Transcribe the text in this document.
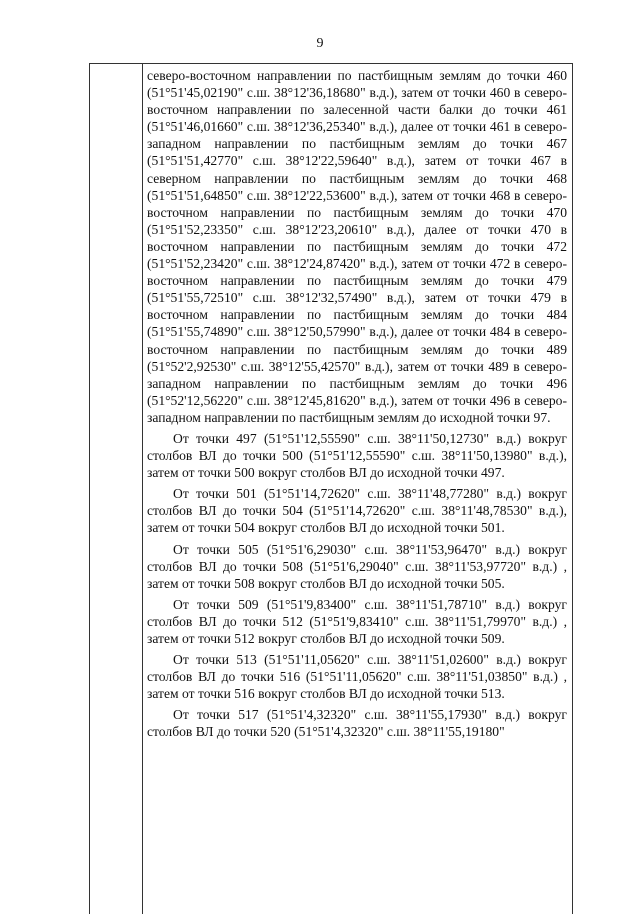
9

северо-восточном направлении по пастбищным землям до точки 460 (51°51'45,02190" с.ш. 38°12'36,18680" в.д.), затем от точки 460 в северо-восточном направлении по залесенной части балки до точки 461 (51°51'46,01660" с.ш. 38°12'36,25340" в.д.), далее от точки 461 в северо-западном направлении по пастбищным землям до точки 467 (51°51'51,42770" с.ш. 38°12'22,59640" в.д.), затем от точки 467 в северном направлении по пастбищным землям до точки 468 (51°51'51,64850" с.ш. 38°12'22,53600" в.д.), затем от точки 468 в северо-восточном направлении по пастбищным землям до точки 470 (51°51'52,23350" с.ш. 38°12'23,20610" в.д.), далее от точки 470 в восточном направлении по пастбищным землям до точки 472 (51°51'52,23420" с.ш. 38°12'24,87420" в.д.), затем от точки 472 в северо-восточном направлении по пастбищным землям до точки 479 (51°51'55,72510" с.ш. 38°12'32,57490" в.д.), затем от точки 479 в восточном направлении по пастбищным землям до точки 484 (51°51'55,74890" с.ш. 38°12'50,57990" в.д.), далее от точки 484 в северо-восточном направлении по пастбищным землям до точки 489 (51°52'2,92530" с.ш. 38°12'55,42570" в.д.), затем от точки 489 в северо-западном направлении по пастбищным землям до точки 496 (51°52'12,56220" с.ш. 38°12'45,81620" в.д.), затем от точки 496 в северо-западном направлении по пастбищным землям до исходной точки 97.

От точки 497 (51°51'12,55590" с.ш. 38°11'50,12730" в.д.) вокруг столбов ВЛ до точки 500 (51°51'12,55590" с.ш. 38°11'50,13980" в.д.), затем от точки 500 вокруг столбов ВЛ до исходной точки 497.

От точки 501 (51°51'14,72620" с.ш. 38°11'48,77280" в.д.) вокруг столбов ВЛ до точки 504 (51°51'14,72620" с.ш. 38°11'48,78530" в.д.), затем от точки 504 вокруг столбов ВЛ до исходной точки 501.

От точки 505 (51°51'6,29030" с.ш. 38°11'53,96470" в.д.) вокруг столбов ВЛ до точки 508 (51°51'6,29040" с.ш. 38°11'53,97720" в.д.) , затем от точки 508 вокруг столбов ВЛ до исходной точки 505.

От точки 509 (51°51'9,83400" с.ш. 38°11'51,78710" в.д.) вокруг столбов ВЛ до точки 512 (51°51'9,83410" с.ш. 38°11'51,79970" в.д.) , затем от точки 512 вокруг столбов ВЛ до исходной точки 509.

От точки 513 (51°51'11,05620" с.ш. 38°11'51,02600" в.д.) вокруг столбов ВЛ до точки 516 (51°51'11,05620" с.ш. 38°11'51,03850" в.д.) , затем от точки 516 вокруг столбов ВЛ до исходной точки 513.

От точки 517 (51°51'4,32320" с.ш. 38°11'55,17930" в.д.) вокруг столбов ВЛ до точки 520 (51°51'4,32320" с.ш. 38°11'55,19180"
